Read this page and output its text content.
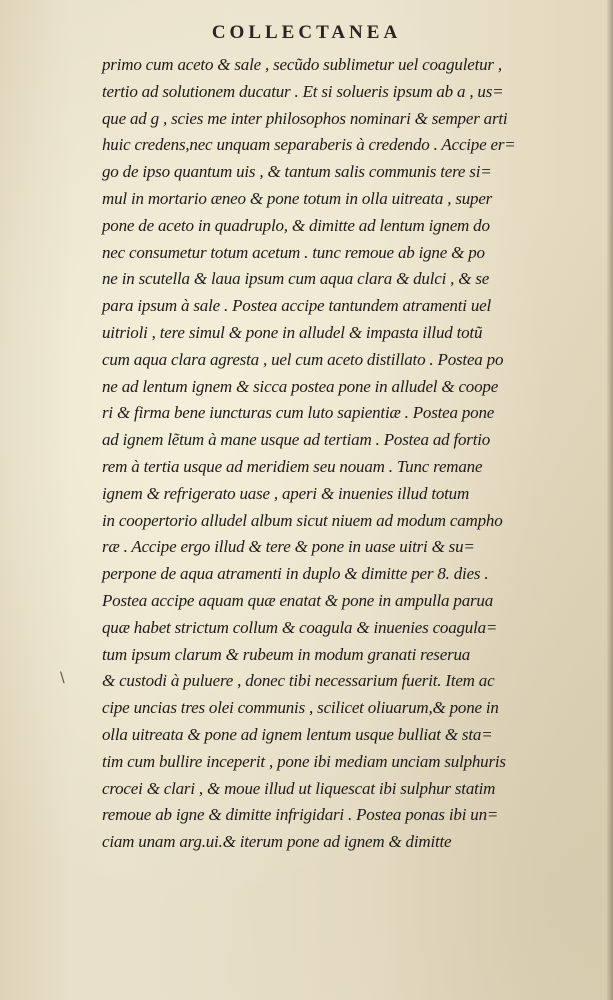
COLLECTANEA
\
primo cum aceto & sale , secũdo sublimetur uel coaguletur ,
tertio ad solutionem ducatur . Et si solueris ipsum ab a , us=
que ad g , scies me inter philosophos nominari & semper arti
huic credens,nec unquam separaberis à credendo . Accipe er=
go de ipso quantum uis , & tantum salis communis tere si=
mul in mortario æneo & pone totum in olla uitreata , super
pone de aceto in quadruplo, & dimitte ad lentum ignem do
nec consumetur totum acetum . tunc remoue ab igne & po
ne in scutella & laua ipsum cum aqua clara & dulci , & se
para ipsum à sale . Postea accipe tantundem atramenti uel
uitrioli , tere simul & pone in alludel & impasta illud totũ
cum aqua clara agresta , uel cum aceto distillato . Postea po
ne ad lentum ignem & sicca postea pone in alludel & coope
ri & firma bene iuncturas cum luto sapientiæ . Postea pone
ad ignem lẽtum à mane usque ad tertiam . Postea ad fortio
rem à tertia usque ad meridiem seu nouam . Tunc remane
ignem & refrigerato uase , aperi & inuenies illud totum
in coopertorio alludel album sicut niuem ad modum campho
ræ . Accipe ergo illud & tere & pone in uase uitri & su=
perpone de aqua atramenti in duplo & dimitte per 8. dies .
Postea accipe aquam quæ enatat & pone in ampulla parua
quæ habet strictum collum & coagula & inuenies coagula=
tum ipsum clarum & rubeum in modum granati reserua
& custodi à puluere , donec tibi necessarium fuerit. Item ac
cipe uncias tres olei communis , scilicet oliuarum,& pone in
olla uitreata & pone ad ignem lentum usque bulliat & sta=
tim cum bullire inceperit , pone ibi mediam unciam sulphuris
crocei & clari , & moue illud ut liquescat ibi sulphur statim
remoue ab igne & dimitte infrigidari . Postea ponas ibi un=
ciam unam arg.ui.& iterum pone ad ignem & dimitte
